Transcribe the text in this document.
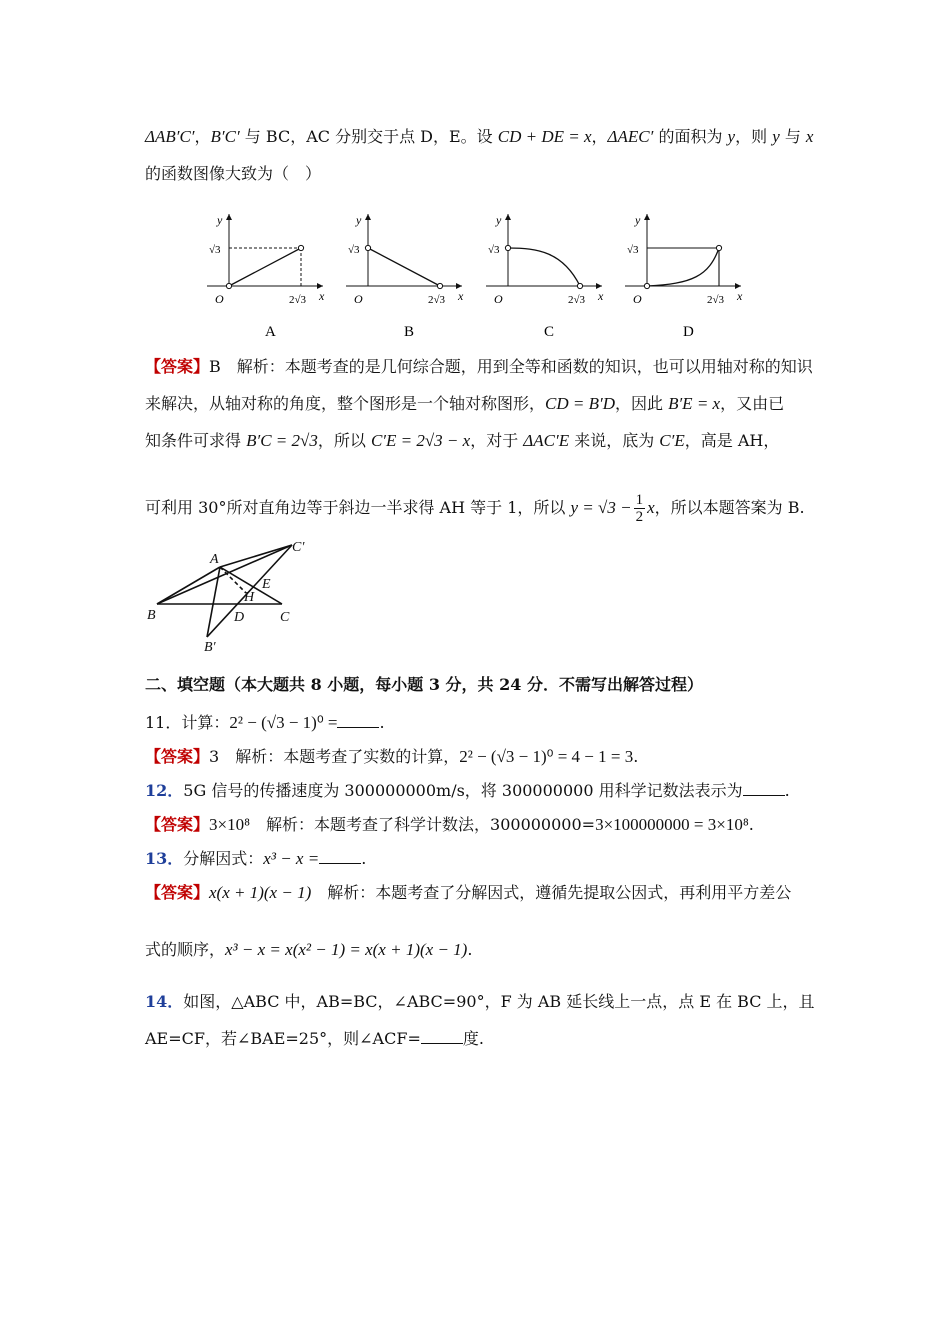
ΔAB′C′，B′C′ 与 BC，AC 分别交于点 D，E。设 CD + DE = x，ΔAEC′ 的面积为 y，则 y 与 x
的函数图像大致为（　）
y
x
O
√3
2√3
A
y
x
O
√3
2√3
B
y
x
O
√3
2√3
C
y
x
O
√3
2√3
D
【答案】B　解析：本题考查的是几何综合题，用到全等和函数的知识，也可以用轴对称的知识
来解决，从轴对称的角度，整个图形是一个轴对称图形，CD = B′D，因此 B′E = x，又由已
知条件可求得 B′C = 2√3，所以 C′E = 2√3 − x，对于 ΔAC′E 来说，底为 C′E，高是 AH，
可利用 30°所对直角边等于斜边一半求得 AH 等于 1，所以 $y = √3 - \frac{1}{2}$ x，所以本题答案为 B.
A
B	C
C′
B′
D
E
H
二、填空题（本大题共 8 小题，每小题 3 分，共 24 分．不需写出解答过程）
11．计算：2² − (√3 − 1)⁰ =	.
【答案】3　解析：本题考查了实数的计算，2² − (√3 − 1)⁰ = 4 − 1 = 3.
12．5G 信号的传播速度为 300000000m/s，将 300000000 用科学记数法表示为	.
【答案】3×10⁸　解析：本题考查了科学计数法，300000000=3×100000000 = 3×10⁸.
13．分解因式：x³ − x =	.
【答案】x(x + 1)(x − 1)　解析：本题考查了分解因式，遵循先提取公因式，再利用平方差公
式的顺序，x³ − x = x(x² − 1) = x(x + 1)(x − 1).
14．如图，△ABC 中，AB=BC，∠ABC=90°，F 为 AB 延长线上一点，点 E 在 BC 上，且
AE=CF，若∠BAE=25°，则∠ACF=	度.
